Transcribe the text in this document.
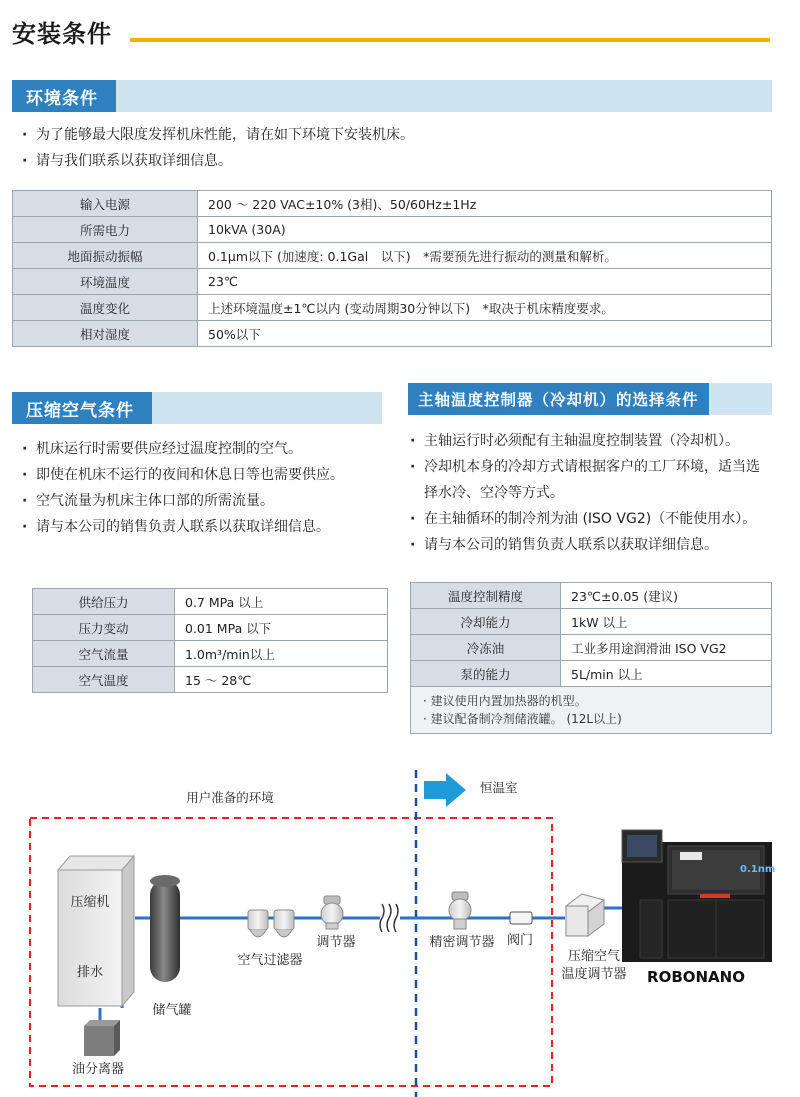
安装条件
环境条件
· 为了能够最大限度发挥机床性能，请在如下环境下安装机床。
· 请与我们联系以获取详细信息。
输入电源	200 〜 220 VAC±10% (3相)、50/60Hz±1Hz
所需电力	10kVA (30A)
地面振动振幅	0.1μm以下 (加速度: 0.1Gal　以下)　*需要预先进行振动的测量和解析。
环境温度	23℃
温度变化	上述环境温度±1℃以内 (变动周期30分钟以下)　*取决于机床精度要求。
相对湿度	50%以下
压缩空气条件
· 机床运行时需要供应经过温度控制的空气。
· 即使在机床不运行的夜间和休息日等也需要供应。
· 空气流量为机床主体口部的所需流量。
· 请与本公司的销售负责人联系以获取详细信息。
供给压力	0.7 MPa 以上
压力变动	0.01 MPa 以下
空气流量	1.0m³/min以上
空气温度	15 〜 28℃
主轴温度控制器（冷却机）的选择条件
· 主轴运行时必须配有主轴温度控制装置（冷却机）。
· 冷却机本身的冷却方式请根据客户的工厂环境，适当选择水冷、空冷等方式。
· 在主轴循环的制冷剂为油 (ISO VG2)（不能使用水）。
· 请与本公司的销售负责人联系以获取详细信息。
温度控制精度	23℃±0.05 (建议)
冷却能力	1kW 以上
冷冻油	工业多用途润滑油 ISO VG2
泵的能力	5L/min 以上

· 建议使用内置加热器的机型。
· 建议配备制冷剂储液罐。 (12L以上)	
用户准备的环境
恒温室
压缩机
排水
油分离器
储气罐
空气过滤器
调节器	精密调节器 阀门
压缩空气
温度调节器
0.1nm
ROBONANO
